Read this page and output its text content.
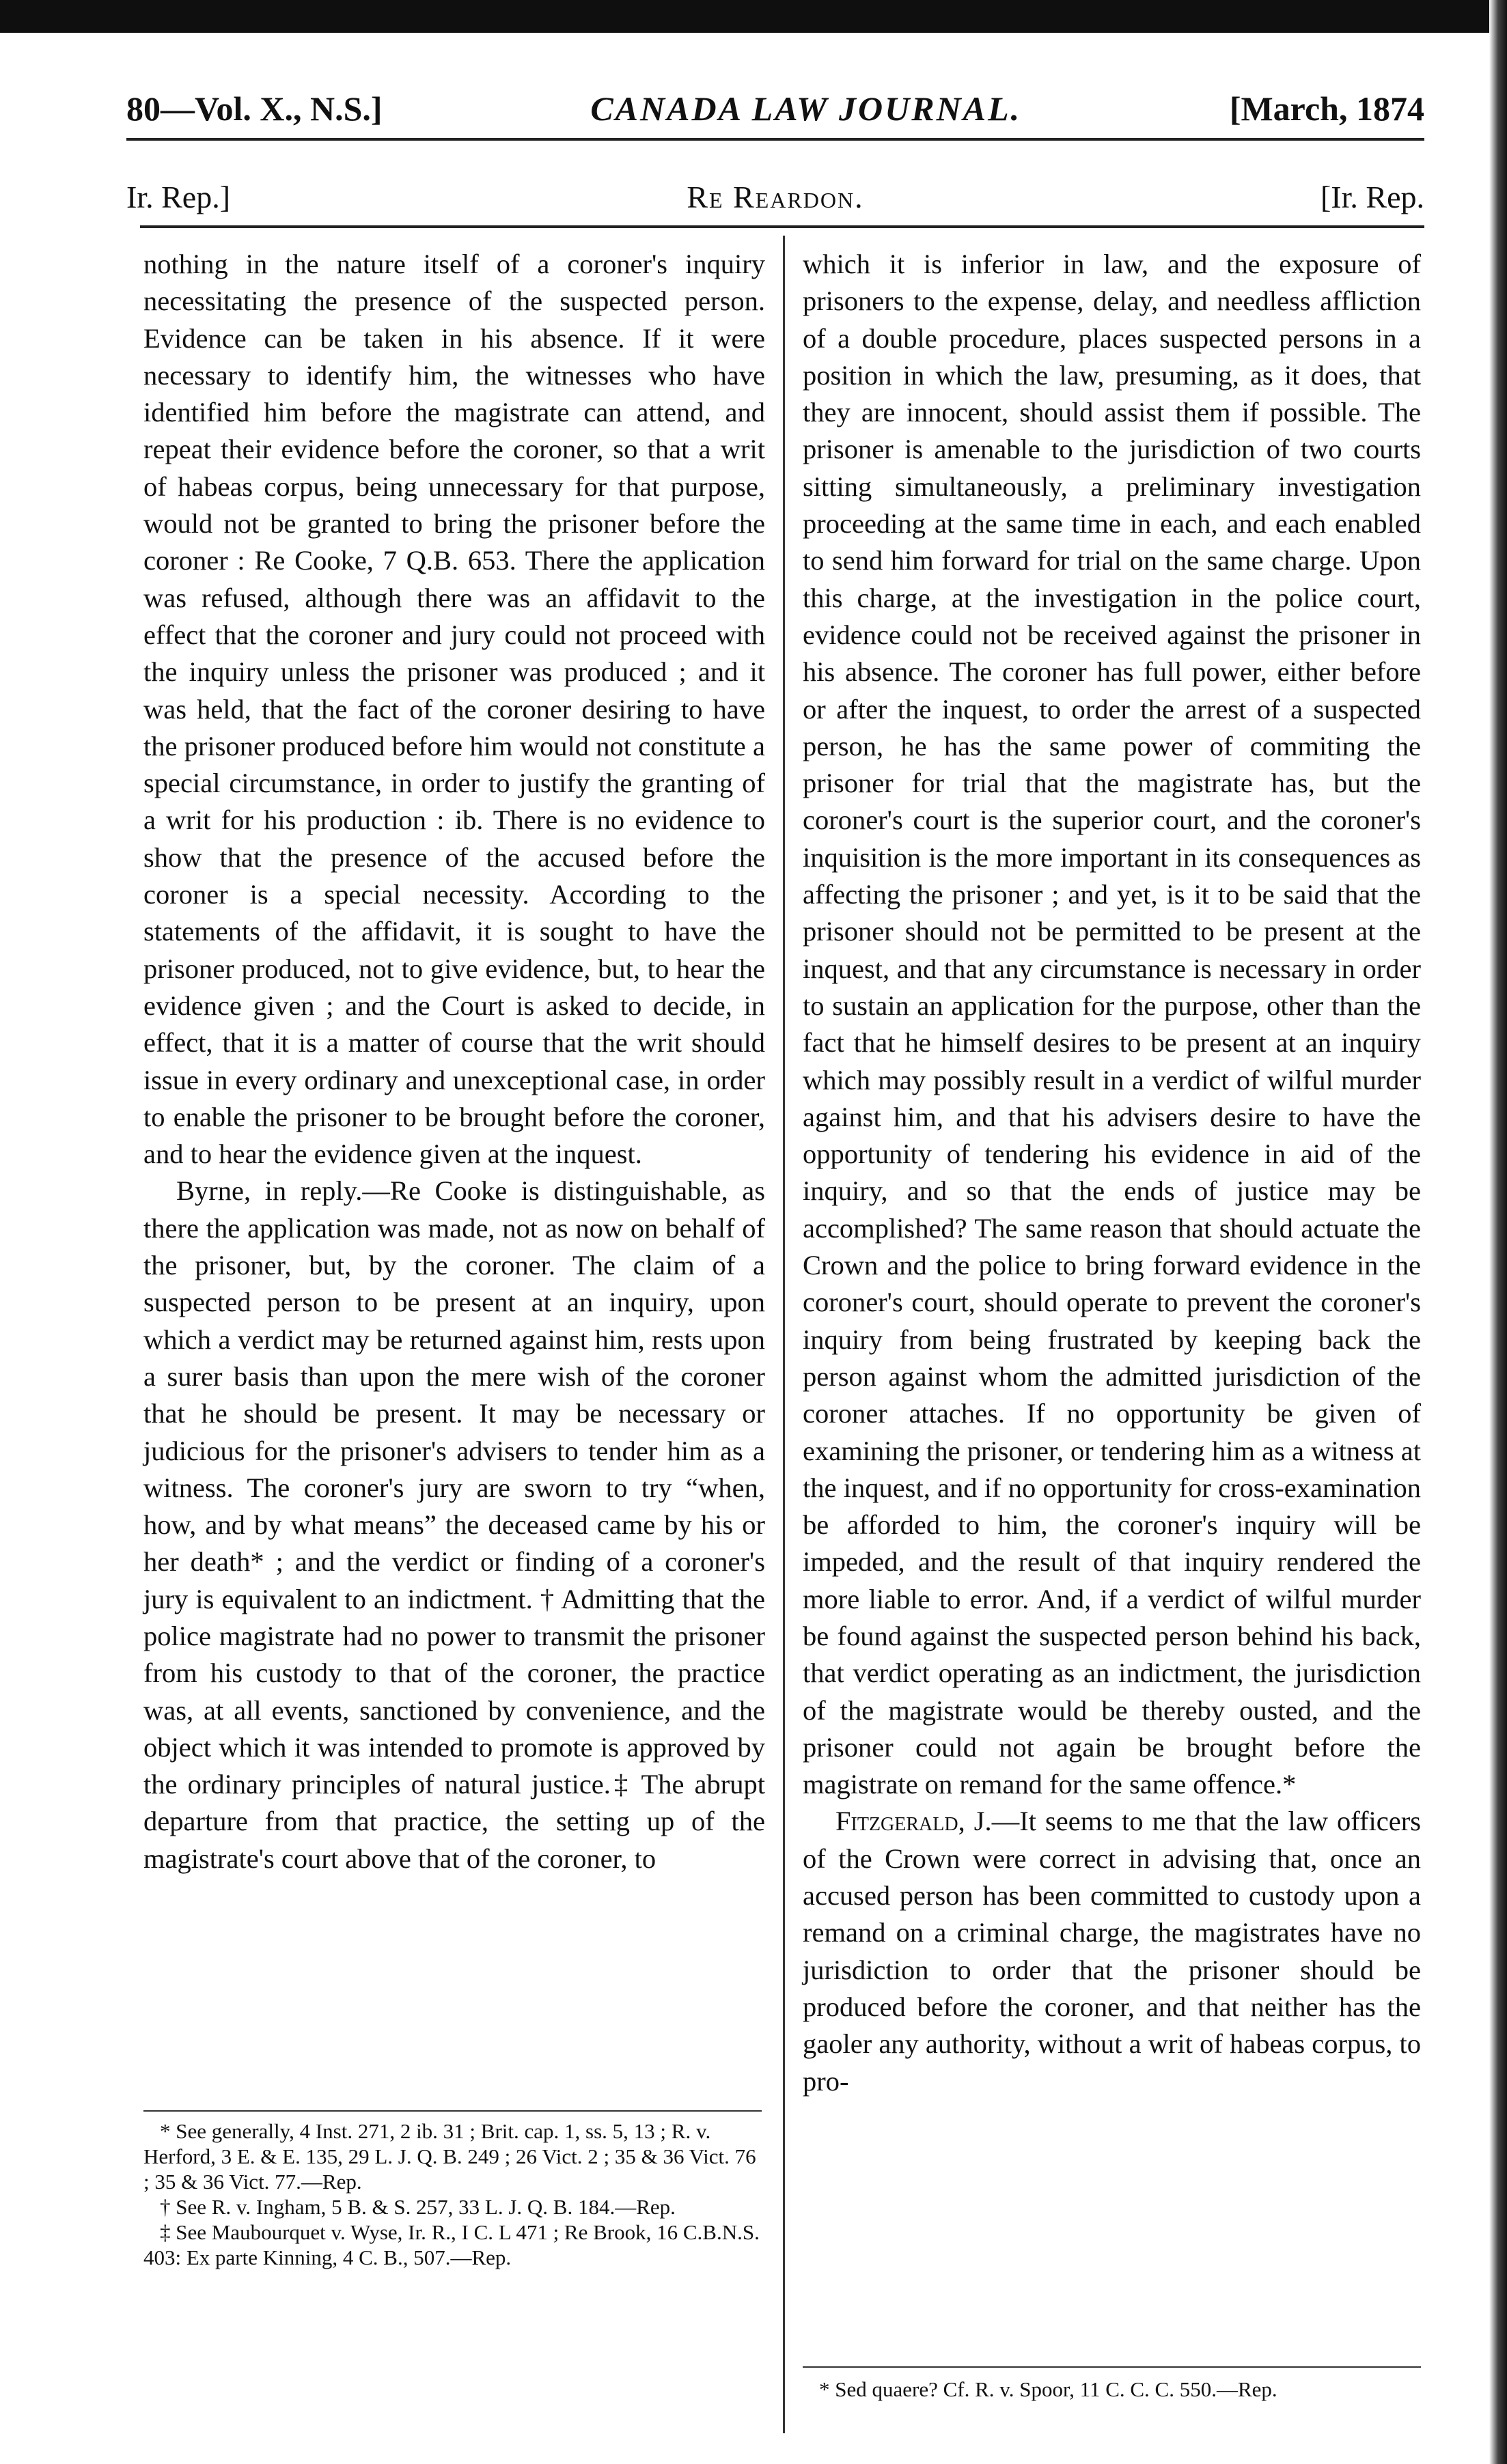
80—Vol. X., N.S.]	CANADA LAW JOURNAL.	[March, 1874
Ir. Rep.]	Re Reardon.	[Ir. Rep.

nothing in the nature itself of a coroner's inquiry necessitating the presence of the suspected person. Evidence can be taken in his absence. If it were necessary to identify him, the witnesses who have identified him before the magistrate can attend, and repeat their evidence before the coroner, so that a writ of habeas corpus, being unnecessary for that purpose, would not be granted to bring the prisoner before the coroner : Re Cooke, 7 Q.B. 653. There the application was refused, although there was an affidavit to the effect that the coroner and jury could not proceed with the inquiry unless the prisoner was produced ; and it was held, that the fact of the coroner desiring to have the prisoner produced before him would not constitute a special circumstance, in order to justify the granting of a writ for his production : ib. There is no evidence to show that the presence of the accused before the coroner is a special necessity. According to the statements of the affidavit, it is sought to have the prisoner produced, not to give evidence, but, to hear the evidence given ; and the Court is asked to decide, in effect, that it is a matter of course that the writ should issue in every ordinary and unexceptional case, in order to enable the prisoner to be brought before the coroner, and to hear the evidence given at the inquest.

Byrne, in reply.—Re Cooke is distinguishable, as there the application was made, not as now on behalf of the prisoner, but, by the coroner. The claim of a suspected person to be present at an inquiry, upon which a verdict may be returned against him, rests upon a surer basis than upon the mere wish of the coroner that he should be present. It may be necessary or judicious for the prisoner's advisers to tender him as a witness. The coroner's jury are sworn to try “when, how, and by what means” the deceased came by his or her death* ; and the verdict or finding of a coroner's jury is equivalent to an indictment. † Admitting that the police magistrate had no power to transmit the prisoner from his custody to that of the coroner, the practice was, at all events, sanctioned by convenience, and the object which it was intended to promote is approved by the ordinary principles of natural justice.‡ The abrupt departure from that practice, the setting up of the magistrate's court above that of the coroner, to

* See generally, 4 Inst. 271, 2 ib. 31 ; Brit. cap. 1, ss. 5, 13 ; R. v. Herford, 3 E. & E. 135, 29 L. J. Q. B. 249 ; 26 Vict. 2 ; 35 & 36 Vict. 76 ; 35 & 36 Vict. 77.—Rep.

† See R. v. Ingham, 5 B. & S. 257, 33 L. J. Q. B. 184.—Rep.

‡ See Maubourquet v. Wyse, Ir. R., I C. L 471 ; Re Brook, 16 C.B.N.S. 403: Ex parte Kinning, 4 C. B., 507.—Rep.

which it is inferior in law, and the exposure of prisoners to the expense, delay, and needless affliction of a double procedure, places suspected persons in a position in which the law, presuming, as it does, that they are innocent, should assist them if possible. The prisoner is amenable to the jurisdiction of two courts sitting simultaneously, a preliminary investigation proceeding at the same time in each, and each enabled to send him forward for trial on the same charge. Upon this charge, at the investigation in the police court, evidence could not be received against the prisoner in his absence. The coroner has full power, either before or after the inquest, to order the arrest of a suspected person, he has the same power of commiting the prisoner for trial that the magistrate has, but the coroner's court is the superior court, and the coroner's inquisition is the more important in its consequences as affecting the prisoner ; and yet, is it to be said that the prisoner should not be permitted to be present at the inquest, and that any circumstance is necessary in order to sustain an application for the purpose, other than the fact that he himself desires to be present at an inquiry which may possibly result in a verdict of wilful murder against him, and that his advisers desire to have the opportunity of tendering his evidence in aid of the inquiry, and so that the ends of justice may be accomplished? The same reason that should actuate the Crown and the police to bring forward evidence in the coroner's court, should operate to prevent the coroner's inquiry from being frustrated by keeping back the person against whom the admitted jurisdiction of the coroner attaches. If no opportunity be given of examining the prisoner, or tendering him as a witness at the inquest, and if no opportunity for cross-examination be afforded to him, the coroner's inquiry will be impeded, and the result of that inquiry rendered the more liable to error. And, if a verdict of wilful murder be found against the suspected person behind his back, that verdict operating as an indictment, the jurisdiction of the magistrate would be thereby ousted, and the prisoner could not again be brought before the magistrate on remand for the same offence.*

Fitzgerald, J.—It seems to me that the law officers of the Crown were correct in advising that, once an accused person has been committed to custody upon a remand on a criminal charge, the magistrates have no jurisdiction to order that the prisoner should be produced before the coroner, and that neither has the gaoler any authority, without a writ of habeas corpus, to pro-

* Sed quaere? Cf. R. v. Spoor, 11 C. C. C. 550.—Rep.
